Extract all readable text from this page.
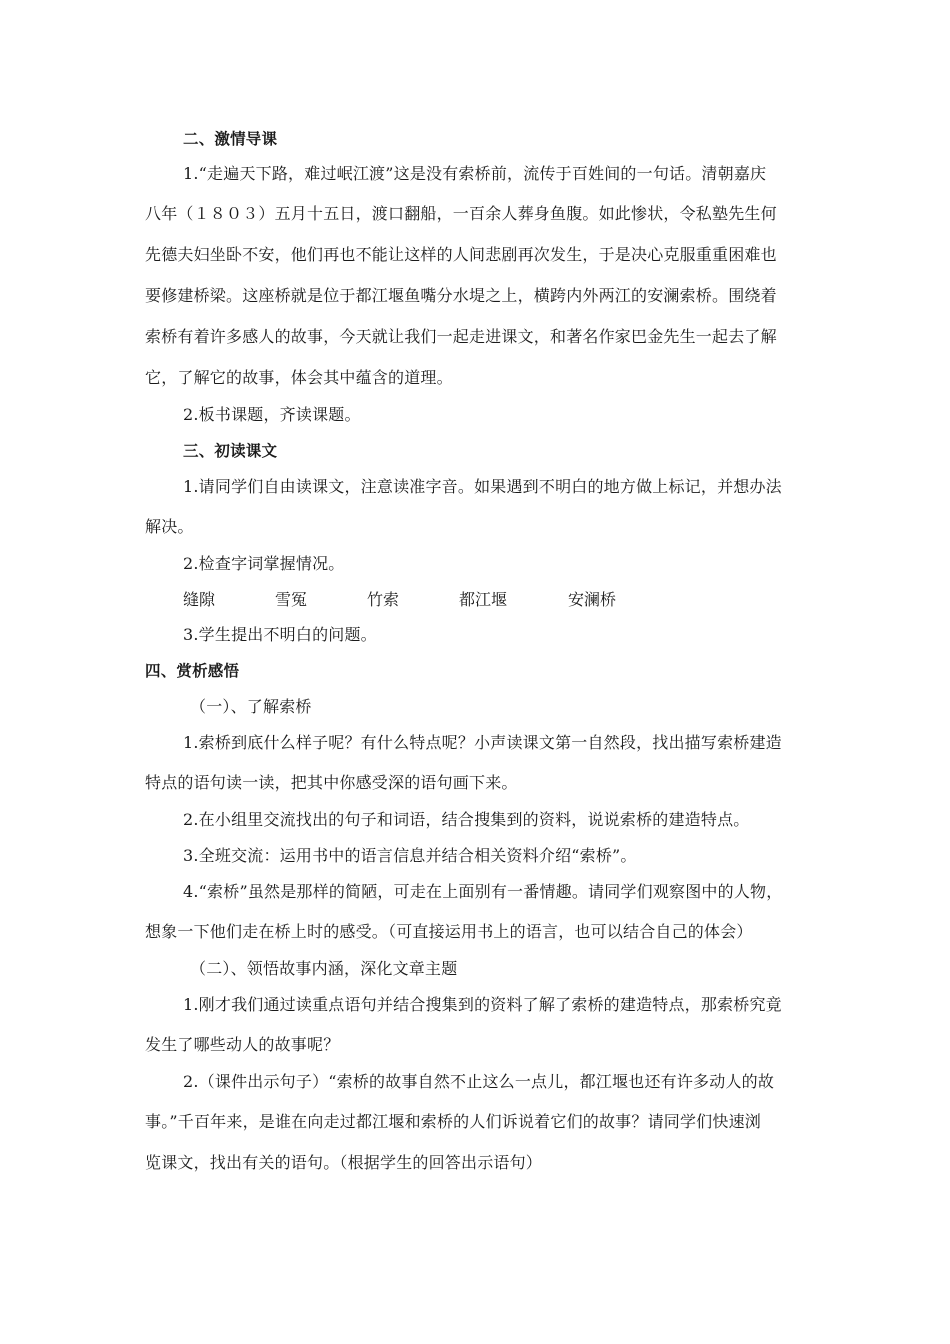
二、激情导课
1.“走遍天下路，难过岷江渡”这是没有索桥前，流传于百姓间的一句话。清朝嘉庆
八年（１８０３）五月十五日，渡口翻船，一百余人葬身鱼腹。如此惨状，令私塾先生何
先德夫妇坐卧不安，他们再也不能让这样的人间悲剧再次发生，于是决心克服重重困难也
要修建桥梁。这座桥就是位于都江堰鱼嘴分水堤之上，横跨内外两江的安澜索桥。围绕着
索桥有着许多感人的故事，今天就让我们一起走进课文，和著名作家巴金先生一起去了解
它，了解它的故事，体会其中蕴含的道理。
2.板书课题，齐读课题。
三、初读课文
1.请同学们自由读课文，注意读准字音。如果遇到不明白的地方做上标记，并想办法
解决。
2.检查字词掌握情况。
缝隙	雪冤	竹索	都江堰	安澜桥
3.学生提出不明白的问题。
四、赏析感悟
（一）、了解索桥
1.索桥到底什么样子呢？有什么特点呢？小声读课文第一自然段，找出描写索桥建造
特点的语句读一读，把其中你感受深的语句画下来。
2.在小组里交流找出的句子和词语，结合搜集到的资料，说说索桥的建造特点。
3.全班交流：运用书中的语言信息并结合相关资料介绍“索桥”。
4.“索桥”虽然是那样的简陋，可走在上面别有一番情趣。请同学们观察图中的人物，
想象一下他们走在桥上时的感受。（可直接运用书上的语言，也可以结合自己的体会）
（二）、领悟故事内涵，深化文章主题
1.刚才我们通过读重点语句并结合搜集到的资料了解了索桥的建造特点，那索桥究竟
发生了哪些动人的故事呢？
2.（课件出示句子）“索桥的故事自然不止这么一点儿，都江堰也还有许多动人的故
事。”千百年来，是谁在向走过都江堰和索桥的人们诉说着它们的故事？请同学们快速浏
览课文，找出有关的语句。（根据学生的回答出示语句）
